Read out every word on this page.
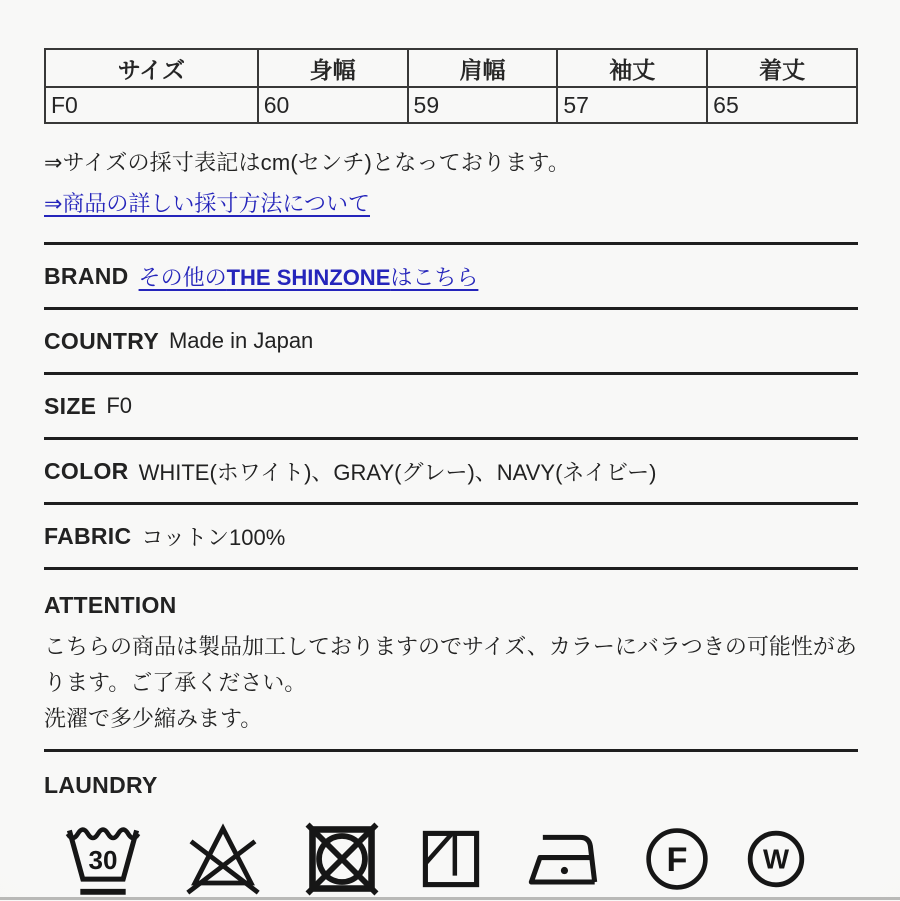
サイズ	身幅	肩幅	袖丈	着丈
F0	60	59	57	65

⇒サイズの採寸表記はcm(センチ)となっております。

⇒商品の詳しい採寸方法について

BRAND その他のTHE SHINZONEはこちら
COUNTRY Made in Japan
SIZE F0
COLOR WHITE(ホワイト)、GRAY(グレー)、NAVY(ネイビー)
FABRIC コットン100%
ATTENTION

こちらの商品は製品加工しておりますのでサイズ、カラーにバラつきの可能性があります。ご了承ください。

洗濯で多少縮みます。

LAUNDRY
30	F W
